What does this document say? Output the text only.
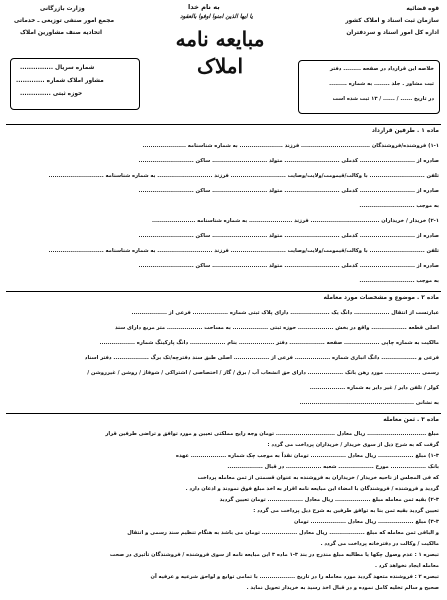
به نام خدا
یا ایها الذین امنوا اوفوا بالعقود
مبایعه نامه
املاک
قوه قضائیه
سازمان ثبت اسناد و املاک کشور
اداره کل امور اسناد و سردفتران
وزارت بازرگانی
مجمع امور صنفی توزیعی ـ خدماتی
اتحادیه صنف مشاورین املاک
شماره سریال ...............
مشاور املاک شماره .............
حوزه ثبتی ..............
خلاصه این قرارداد در صفحه ......... دفتر
ثبت مشاور . جلد ........ به شماره .........
در تاریخ ...... / ...... / ۱۳ ثبت شده است
ماده ۱ . طرفین قرارداد
۱-۱) فروشنده/فروشندگان ................................... فرزند ...................... به شماره شناسنامه ......................
صادره از ............................ کدملی ............................ متولد ............................ ساکن ............................
تلفن ............................ با وکالت/قیمومت/ولایت/وصایت ............................ فرزند ............................ به شماره شناسنامه ............................
صادره از ............................ کدملی ............................ متولد ............................ ساکن ............................
به موجب ............................
۲-۱) خریدار / خریداران ................................... فرزند ...................... به شماره شناسنامه ......................
صادره از ............................ کدملی ............................ متولد ............................ ساکن ............................
تلفن ............................ با وکالت/قیمومت/ولایت/وصایت ............................ فرزند ............................ به شماره شناسنامه ............................
صادره از ............................ کدملی ............................ متولد ............................ ساکن ............................
به موجب ............................
ماده ۲ . موضوع و مشخصات مورد معامله
عبارتست از انتقال .................. دانگ یک .................... دارای پلاک ثبتی شماره .................. فرعی از ..................
اصلی قطعه .................. واقع در بخش .................. حوزه ثبتی .................. به مساحت .................. متر مربع دارای سند
مالکیت به شماره چاپی .................. صفحه .................. دفتر .................. بنام .................. دانگ پارکینگ شماره ..................
فرعی و .................. دانگ انباری شماره .................. فرعی از .................. اصلی طبق سند دفترچه/تک برگ .................. دفتر اسناد
رسمی .................. مورد رهن بانک .................. دارای حق انشعاب آب / برق / گاز / اختصاصی / اشتراکی / شوفاژ / روشن / غیرروشن /
کولر / تلفن دایر / غیر دایر به شماره ..................
به نشانی ..........................................................
ماده ۳ . ثمن معامله
مبلغ .............................. ریال معادل .............................. تومان وجه رایج مملکتی تعیین و مورد توافق و تراضی طرفین قرار
گرفت که به شرح ذیل از سوی خریدار / خریداران پرداخت می گردد :
۱-۳) مبلغ .................. ریال معادل .................. تومان نقداً به موجب چک شماره .................. عهده
بانک .................. مورخ .................. شعبه .................. در قبال ..................
که فی المجلس از ناحیه خریدار / خریداران به فروشنده به عنوان قسمتی از ثمن معامله پرداخت
گردید و فروشنده / فروشندگان با امضاء این مبایعه نامه اقرار به اخذ مبلغ فوق نمودند و اذعان دارد .
۲-۳) بقیه ثمن معامله مبلغ .................. ریال معادل .................. تومان تعیین گردید
تعیین گردید بقیه ثمن بنا به توافق طرفین به شرح ذیل پرداخت می گردد :
۳-۳) مبلغ .................. ریال معادل .................. تومان
و الباقی ثمن معامله که مبلغ .................. ریال معادل .................. تومان می باشد به هنگام تنظیم سند رسمی و انتقال
مالکیت / وکالت در دفترخانه پرداخت می گردد .
تبصره ۱ : عدم وصول چکها یا مطالبه مبلغ مندرج در بند ۳-۱ ماده ۳ این مبایعه نامه از سوی فروشنده / فروشندگان تأثیری در صحت
معامله ایجاد نخواهد کرد .
تبصره ۲ : فروشنده متعهد گردید مورد معامله را در تاریخ .................. با تمامی توابع و لواحق شرعیه و عرفیه آن
صحیح و سالم تخلیه کامل نموده و در قبال اخذ رسید به خریدار تحویل نماید .
